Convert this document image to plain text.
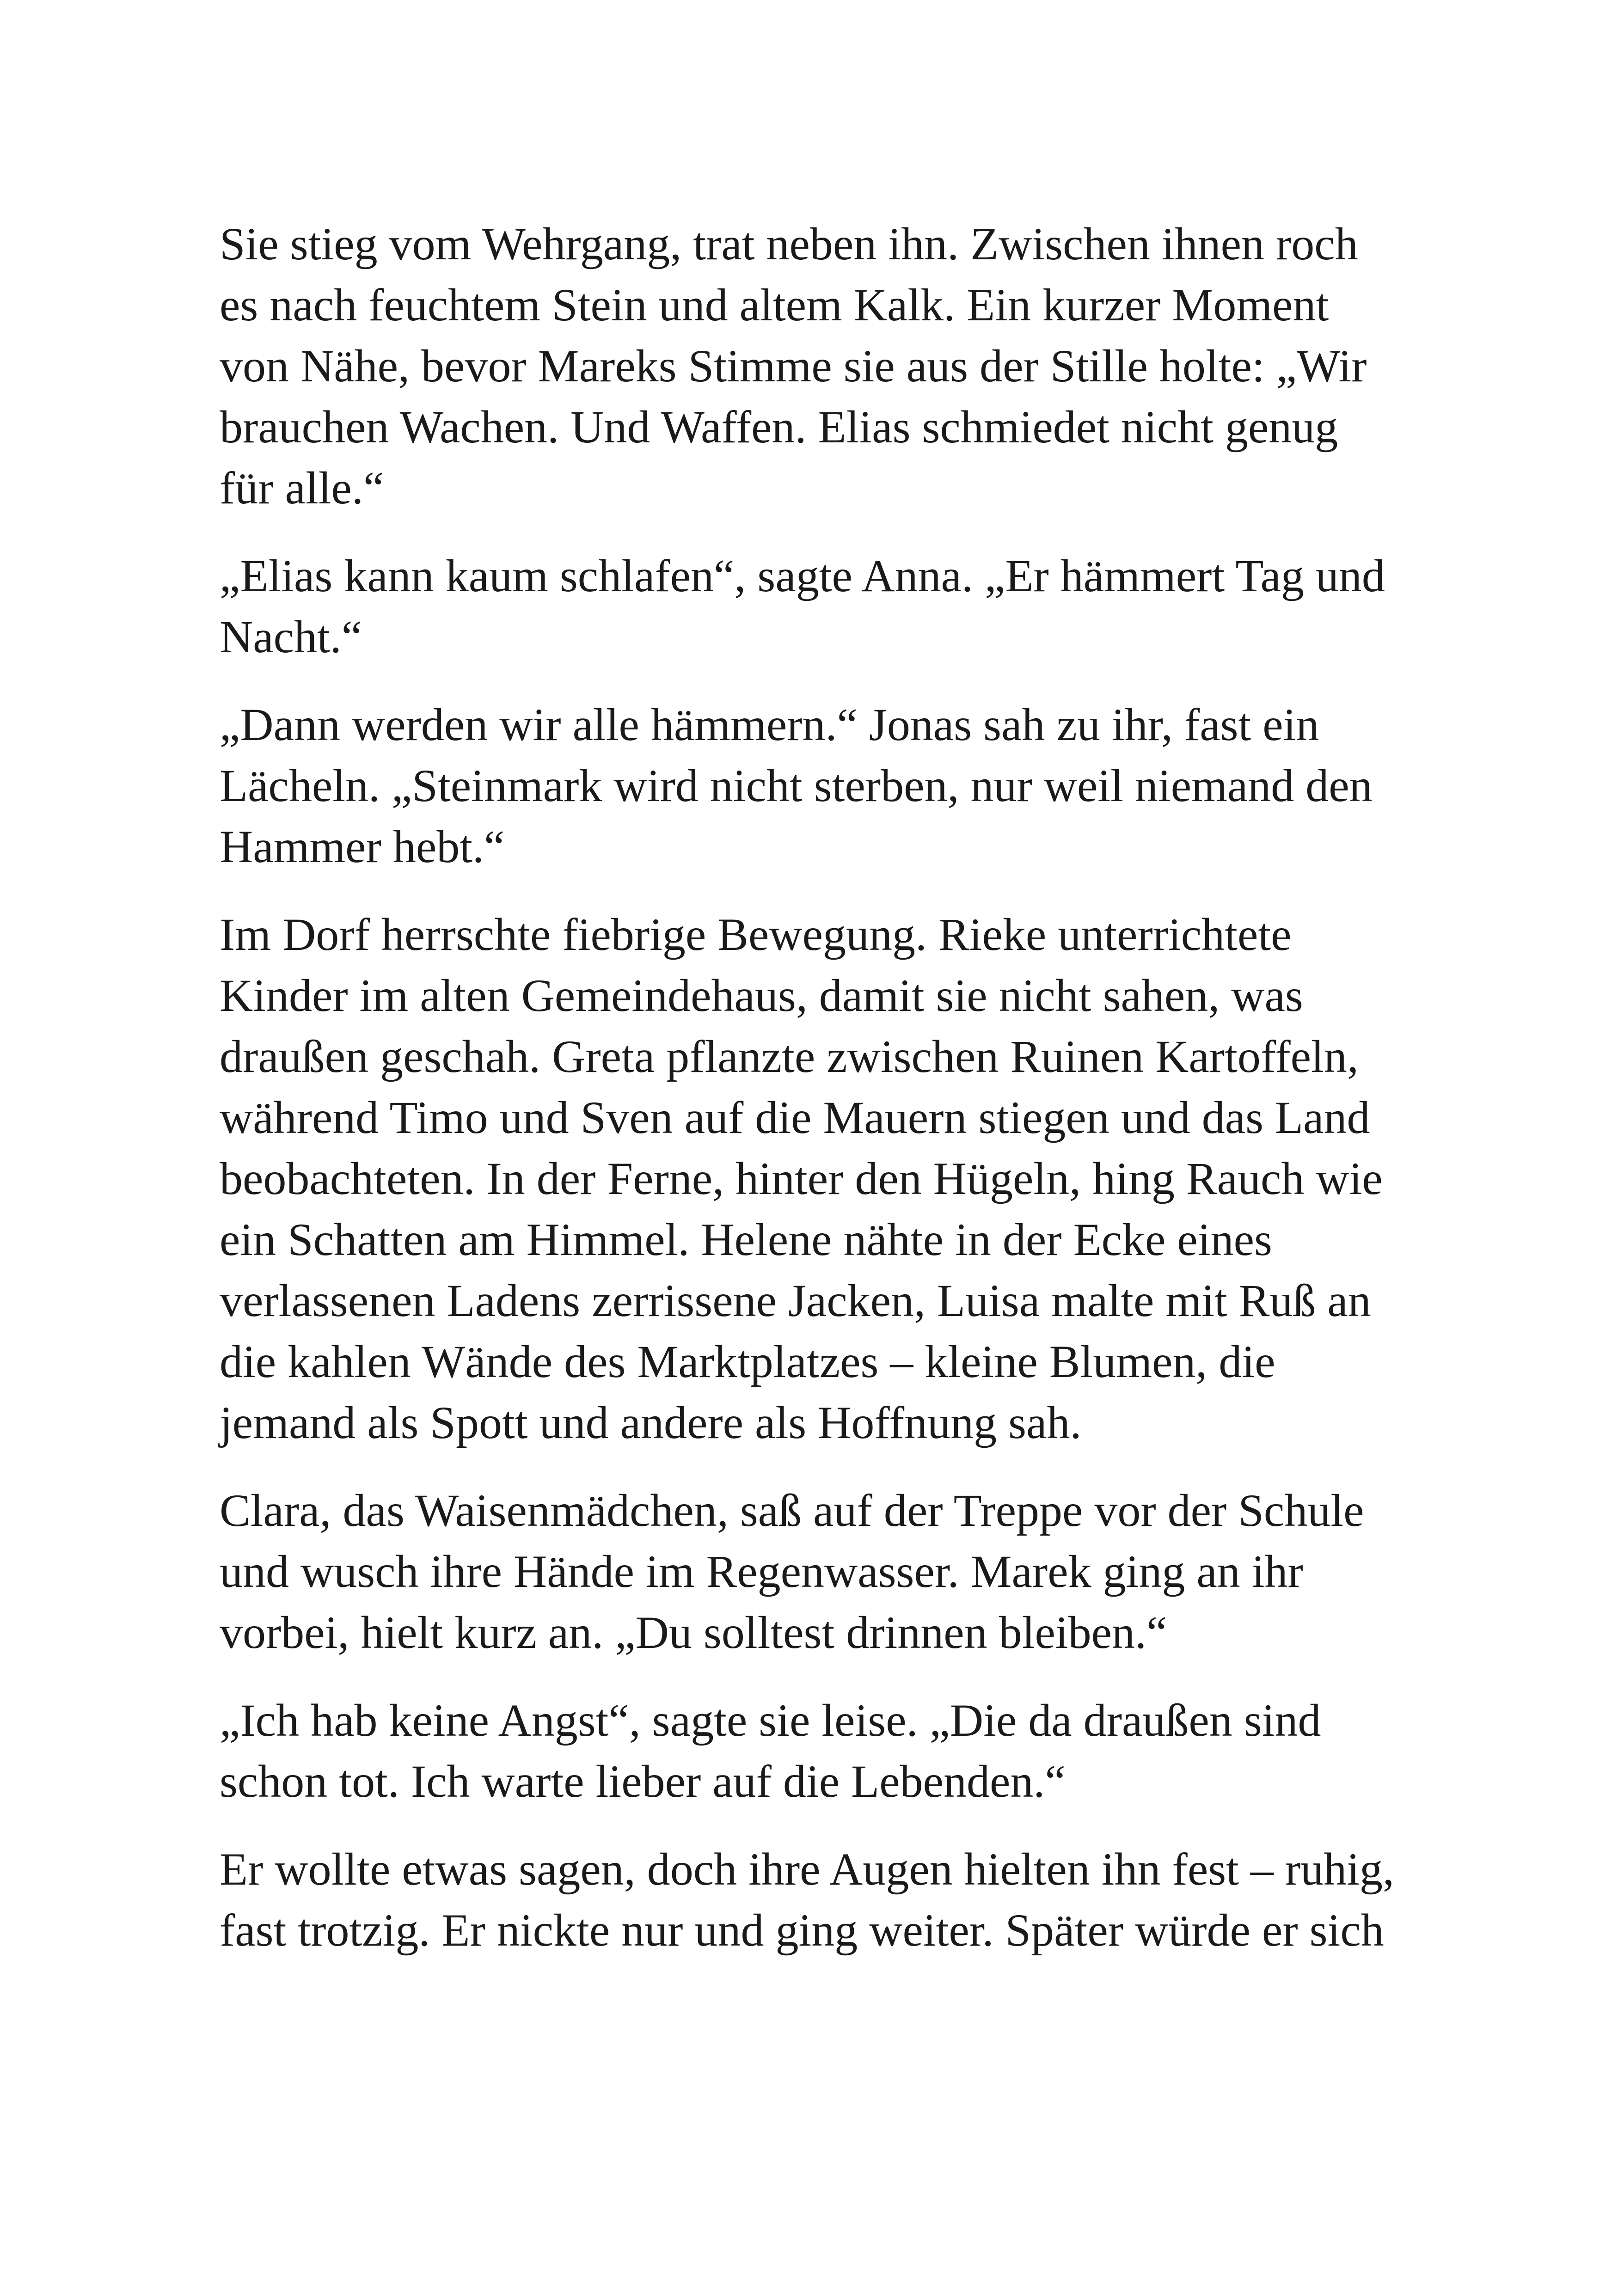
Sie stieg vom Wehrgang, trat neben ihn. Zwischen ihnen roch
es nach feuchtem Stein und altem Kalk. Ein kurzer Moment
von Nähe, bevor Mareks Stimme sie aus der Stille holte: „Wir
brauchen Wachen. Und Waffen. Elias schmiedet nicht genug
für alle.“

„Elias kann kaum schlafen“, sagte Anna. „Er hämmert Tag und
Nacht.“

„Dann werden wir alle hämmern.“ Jonas sah zu ihr, fast ein
Lächeln. „Steinmark wird nicht sterben, nur weil niemand den
Hammer hebt.“

Im Dorf herrschte fiebrige Bewegung. Rieke unterrichtete
Kinder im alten Gemeindehaus, damit sie nicht sahen, was
draußen geschah. Greta pflanzte zwischen Ruinen Kartoffeln,
während Timo und Sven auf die Mauern stiegen und das Land
beobachteten. In der Ferne, hinter den Hügeln, hing Rauch wie
ein Schatten am Himmel. Helene nähte in der Ecke eines
verlassenen Ladens zerrissene Jacken, Luisa malte mit Ruß an
die kahlen Wände des Marktplatzes – kleine Blumen, die
jemand als Spott und andere als Hoffnung sah.

Clara, das Waisenmädchen, saß auf der Treppe vor der Schule
und wusch ihre Hände im Regenwasser. Marek ging an ihr
vorbei, hielt kurz an. „Du solltest drinnen bleiben.“

„Ich hab keine Angst“, sagte sie leise. „Die da draußen sind
schon tot. Ich warte lieber auf die Lebenden.“

Er wollte etwas sagen, doch ihre Augen hielten ihn fest – ruhig,
fast trotzig. Er nickte nur und ging weiter. Später würde er sich
